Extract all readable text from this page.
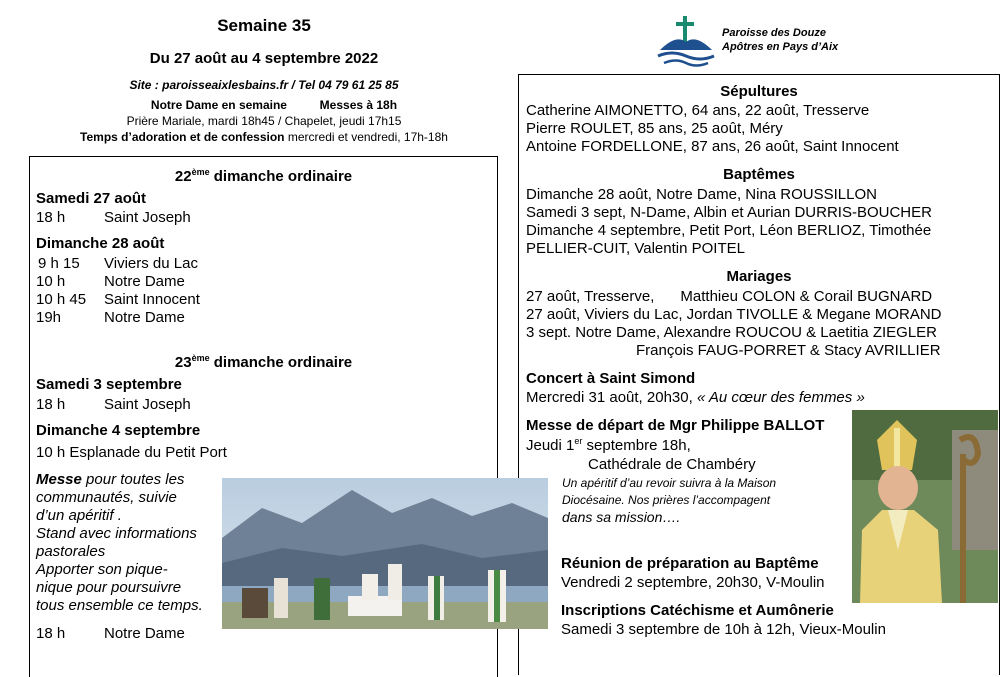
Semaine 35
Du 27 août au 4 septembre 2022
Site : paroisseaixlesbains.fr / Tel 04 79 61 25 85
Notre Dame en semaine	Messes à 18h
Prière Mariale, mardi 18h45 / Chapelet, jeudi 17h15
Temps d’adoration et de confession mercredi et vendredi, 17h-18h
Paroisse des Douze
Apôtres en Pays d’Aix
22ème dimanche ordinaire
Samedi 27 août
18 h	Saint Joseph
Dimanche 28 août
9 h 15 Viviers du Lac
10 h	Notre Dame
10 h 45 Saint Innocent
19h	Notre Dame
23ème dimanche ordinaire
Samedi 3 septembre
18 h	Saint Joseph
Dimanche 4 septembre
10 h Esplanade du Petit Port
Messe pour toutes les
communautés, suivie
d’un apéritif .
Stand avec informations
pastorales
Apporter son pique-
nique pour poursuivre
tous ensemble ce temps.
18 h	Notre Dame
Sépultures
Catherine AIMONETTO, 64 ans, 22 août, Tresserve
Pierre ROULET, 85 ans, 25 août, Méry
Antoine FORDELLONE, 87 ans, 26 août, Saint Innocent
Baptêmes
Dimanche 28 août, Notre Dame, Nina ROUSSILLON
Samedi 3 sept, N-Dame, Albin et Aurian DURRIS-BOUCHER
Dimanche 4 septembre, Petit Port, Léon BERLIOZ, Timothée
PELLIER-CUIT, Valentin POITEL
Mariages
27 août, Tresserve, Matthieu COLON & Corail BUGNARD
27 août, Viviers du Lac, Jordan TIVOLLE & Megane MORAND
3 sept. Notre Dame, Alexandre ROUCOU & Laetitia ZIEGLER
François FAUG-PORRET & Stacy AVRILLIER
Concert à Saint Simond
Mercredi 31 août, 20h30, « Au cœur des femmes »
Messe de départ de Mgr Philippe BALLOT
Jeudi 1er septembre 18h,
Cathédrale de Chambéry
Un apéritif d’au revoir suivra à la Maison
Diocésaine. Nos prières l’accompagent
dans sa mission….
Réunion de préparation au Baptême
Vendredi 2 septembre, 20h30, V-Moulin
Inscriptions Catéchisme et Aumônerie
Samedi 3 septembre de 10h à 12h, Vieux-Moulin
